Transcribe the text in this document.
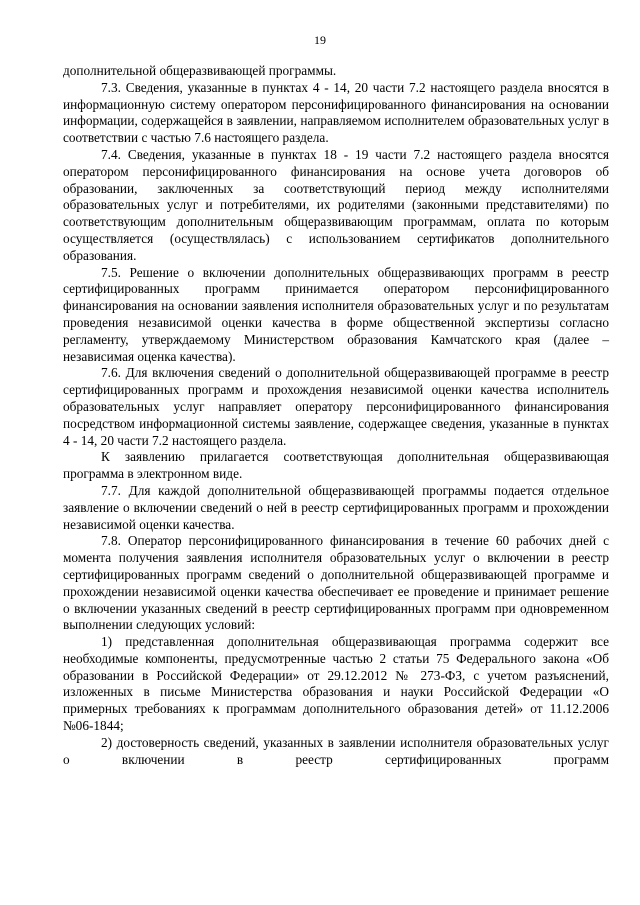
19

дополнительной общеразвивающей программы.

7.3. Сведения, указанные в пунктах 4 - 14, 20 части 7.2 настоящего раздела вносятся в информационную систему оператором персонифицированного финансирования на основании информации, содержащейся в заявлении, направляемом исполнителем образовательных услуг в соответствии с частью 7.6 настоящего раздела.

7.4. Сведения, указанные в пунктах 18 - 19 части 7.2 настоящего раздела вносятся оператором персонифицированного финансирования на основе учета договоров об образовании, заключенных за соответствующий период между исполнителями образовательных услуг и потребителями, их родителями (законными представителями) по соответствующим дополнительным общеразвивающим программам, оплата по которым осуществляется (осуществлялась) с использованием сертификатов дополнительного образования.

7.5. Решение о включении дополнительных общеразвивающих программ в реестр сертифицированных программ принимается оператором персонифицированного финансирования на основании заявления исполнителя образовательных услуг и по результатам проведения независимой оценки качества в форме общественной экспертизы согласно регламенту, утверждаемому Министерством образования Камчатского края (далее – независимая оценка качества).

7.6. Для включения сведений о дополнительной общеразвивающей программе в реестр сертифицированных программ и прохождения независимой оценки качества исполнитель образовательных услуг направляет оператору персонифицированного финансирования посредством информационной системы заявление, содержащее сведения, указанные в пунктах 4 - 14, 20 части 7.2 настоящего раздела.

К заявлению прилагается соответствующая дополнительная общеразвивающая программа в электронном виде.

7.7. Для каждой дополнительной общеразвивающей программы подается отдельное заявление о включении сведений о ней в реестр сертифицированных программ и прохождении независимой оценки качества.

7.8. Оператор персонифицированного финансирования в течение 60 рабочих дней с момента получения заявления исполнителя образовательных услуг о включении в реестр сертифицированных программ сведений о дополнительной общеразвивающей программе и прохождении независимой оценки качества обеспечивает ее проведение и принимает решение о включении указанных сведений в реестр сертифицированных программ при одновременном выполнении следующих условий:

1) представленная дополнительная общеразвивающая программа содержит все необходимые компоненты, предусмотренные частью 2 статьи 75 Федерального закона «Об образовании в Российской Федерации» от 29.12.2012 № 273-ФЗ, с учетом разъяснений, изложенных в письме Министерства образования и науки Российской Федерации «О примерных требованиях к программам дополнительного образования детей» от 11.12.2006 №06-1844;

2) достоверность сведений, указанных в заявлении исполнителя образовательных услуг о включении в реестр сертифицированных программ
